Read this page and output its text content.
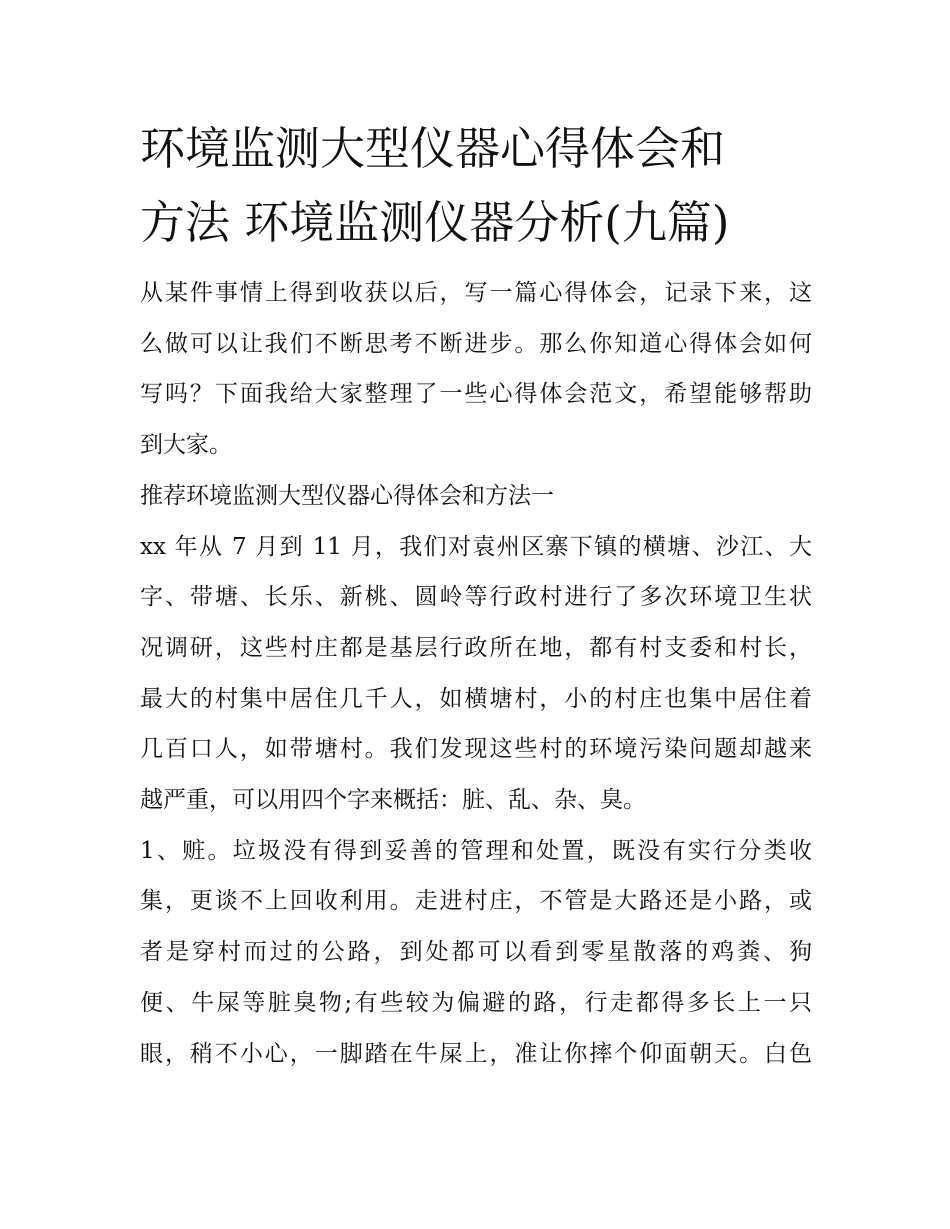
环境监测大型仪器心得体会和
方法 环境监测仪器分析(九篇)
从某件事情上得到收获以后，写一篇心得体会，记录下来，这
么做可以让我们不断思考不断进步。那么你知道心得体会如何
写吗？下面我给大家整理了一些心得体会范文，希望能够帮助
到大家。
推荐环境监测大型仪器心得体会和方法一
xx 年从 7 月到 11 月，我们对袁州区寨下镇的横塘、沙江、大
字、带塘、长乐、新桃、圆岭等行政村进行了多次环境卫生状
况调研，这些村庄都是基层行政所在地，都有村支委和村长，
最大的村集中居住几千人，如横塘村，小的村庄也集中居住着
几百口人，如带塘村。我们发现这些村的环境污染问题却越来
越严重，可以用四个字来概括：脏、乱、杂、臭。
1、赃。垃圾没有得到妥善的管理和处置，既没有实行分类收
集，更谈不上回收利用。走进村庄，不管是大路还是小路，或
者是穿村而过的公路，到处都可以看到零星散落的鸡粪、狗
便、牛屎等脏臭物;有些较为偏避的路，行走都得多长上一只
眼，稍不小心，一脚踏在牛屎上，准让你摔个仰面朝天。白色
